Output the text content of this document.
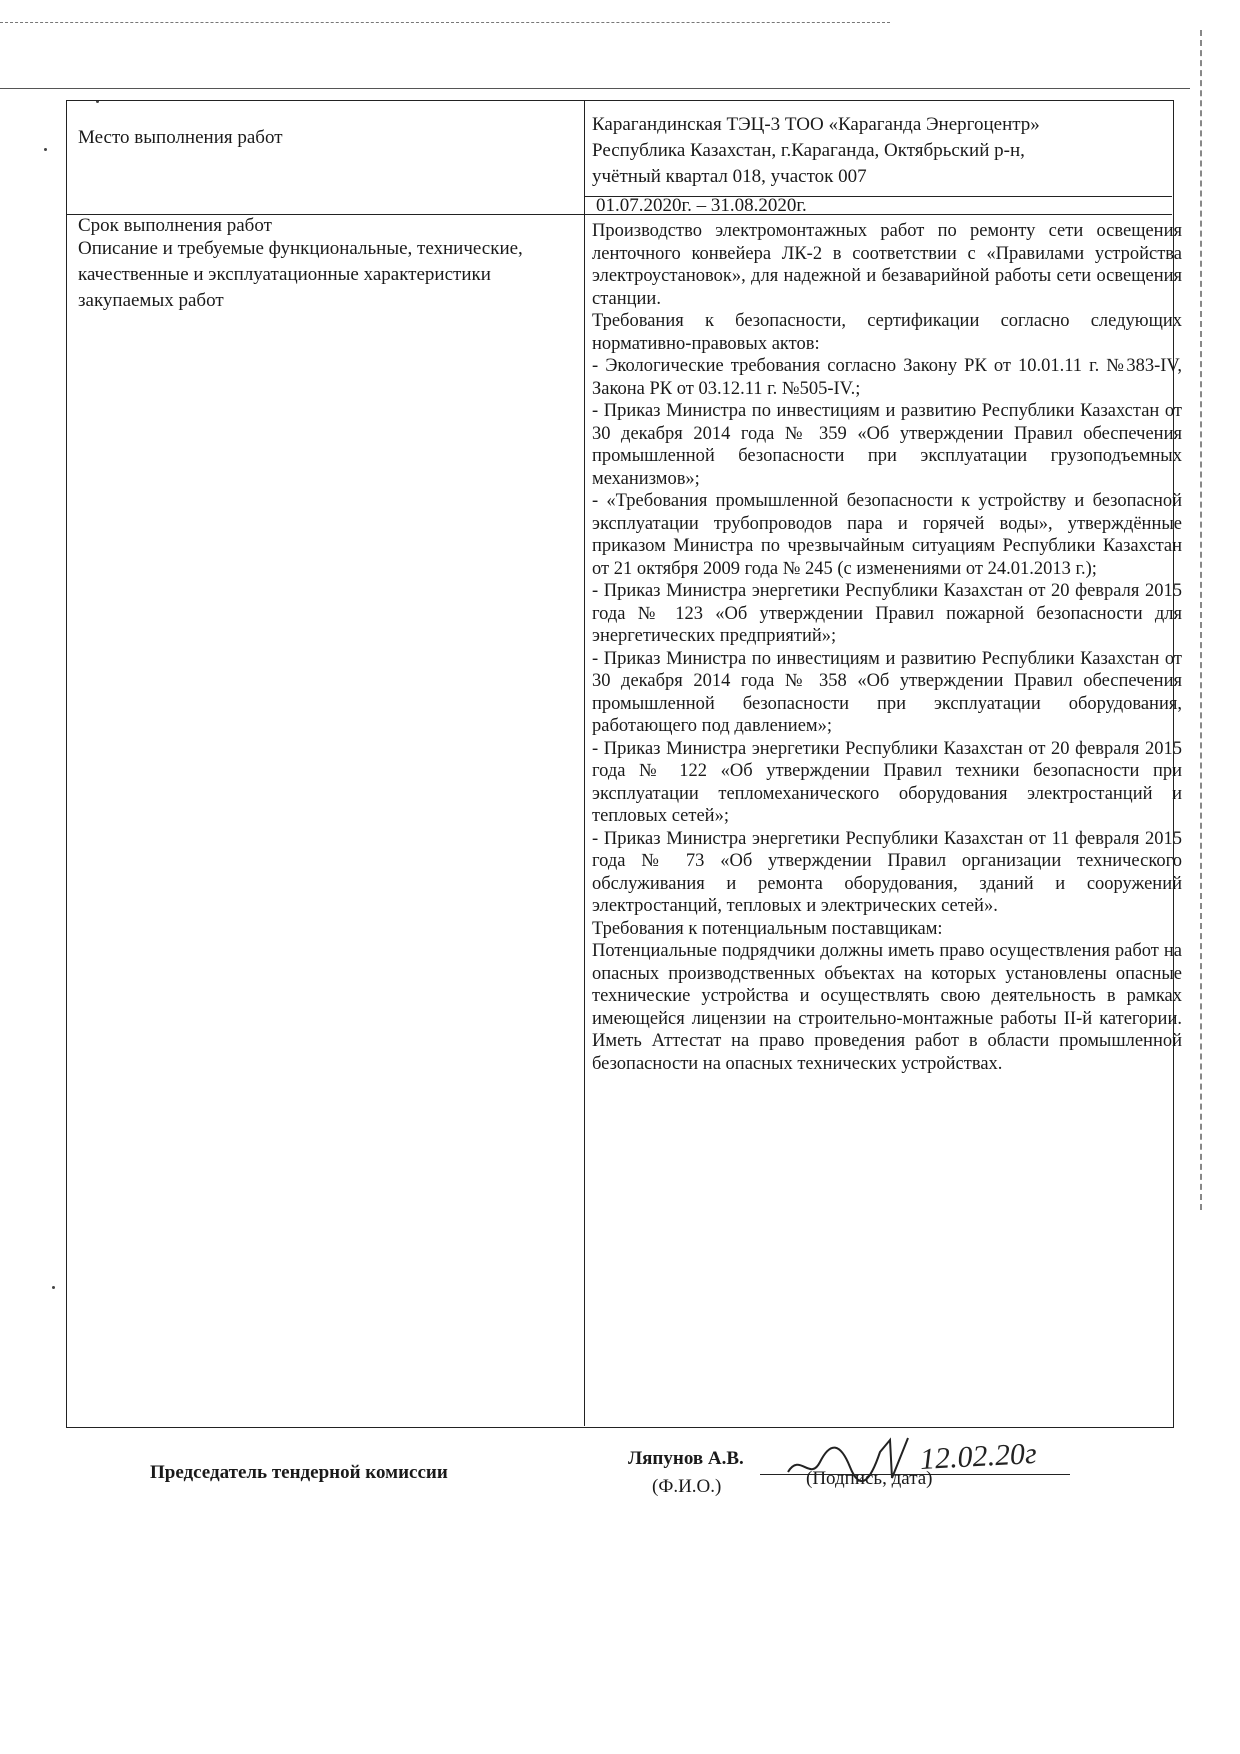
Место выполнения работ
Карагандинская ТЭЦ-3 ТОО «Караганда Энергоцентр»
Республика Казахстан, г.Караганда, Октябрьский р-н,
учётный квартал 018, участок 007
Срок выполнения работ
01.07.2020г. – 31.08.2020г.
Описание и требуемые функциональные, технические, качественные и эксплуатационные характеристики закупаемых работ

Производство электромонтажных работ по ремонту сети освещения ленточного конвейера ЛК-2 в соответствии с «Правилами устройства электроустановок», для надежной и безаварийной работы сети освещения станции.

Требования к безопасности, сертификации согласно следующих нормативно-правовых актов:

- Экологические требования согласно Закону РК от 10.01.11 г. №383-IV, Закона РК от 03.12.11 г. №505-IV.;

- Приказ Министра по инвестициям и развитию Республики Казахстан от 30 декабря 2014 года № 359 «Об утверждении Правил обеспечения промышленной безопасности при эксплуатации грузоподъемных механизмов»;

- «Требования промышленной безопасности к устройству и безопасной эксплуатации трубопроводов пара и горячей воды», утверждённые приказом Министра по чрезвычайным ситуациям Республики Казахстан от 21 октября 2009 года № 245 (с изменениями от 24.01.2013 г.);

- Приказ Министра энергетики Республики Казахстан от 20 февраля 2015 года № 123 «Об утверждении Правил пожарной безопасности для энергетических предприятий»;

- Приказ Министра по инвестициям и развитию Республики Казахстан от 30 декабря 2014 года № 358 «Об утверждении Правил обеспечения промышленной безопасности при эксплуатации оборудования, работающего под давлением»;

- Приказ Министра энергетики Республики Казахстан от 20 февраля 2015 года № 122 «Об утверждении Правил техники безопасности при эксплуатации тепломеханического оборудования электростанций и тепловых сетей»;

- Приказ Министра энергетики Республики Казахстан от 11 февраля 2015 года № 73 «Об утверждении Правил организации технического обслуживания и ремонта оборудования, зданий и сооружений электростанций, тепловых и электрических сетей».

Требования к потенциальным поставщикам:

Потенциальные подрядчики должны иметь право осуществления работ на опасных производственных объектах на которых установлены опасные технические устройства и осуществлять свою деятельность в рамках имеющейся лицензии на строительно-монтажные работы II-й категории. Иметь Аттестат на право проведения работ в области промышленной безопасности на опасных технических устройствах.

Председатель тендерной комиссии
Ляпунов А.В.
(Ф.И.О.)	(Подпись, дата)
12.02.20г
